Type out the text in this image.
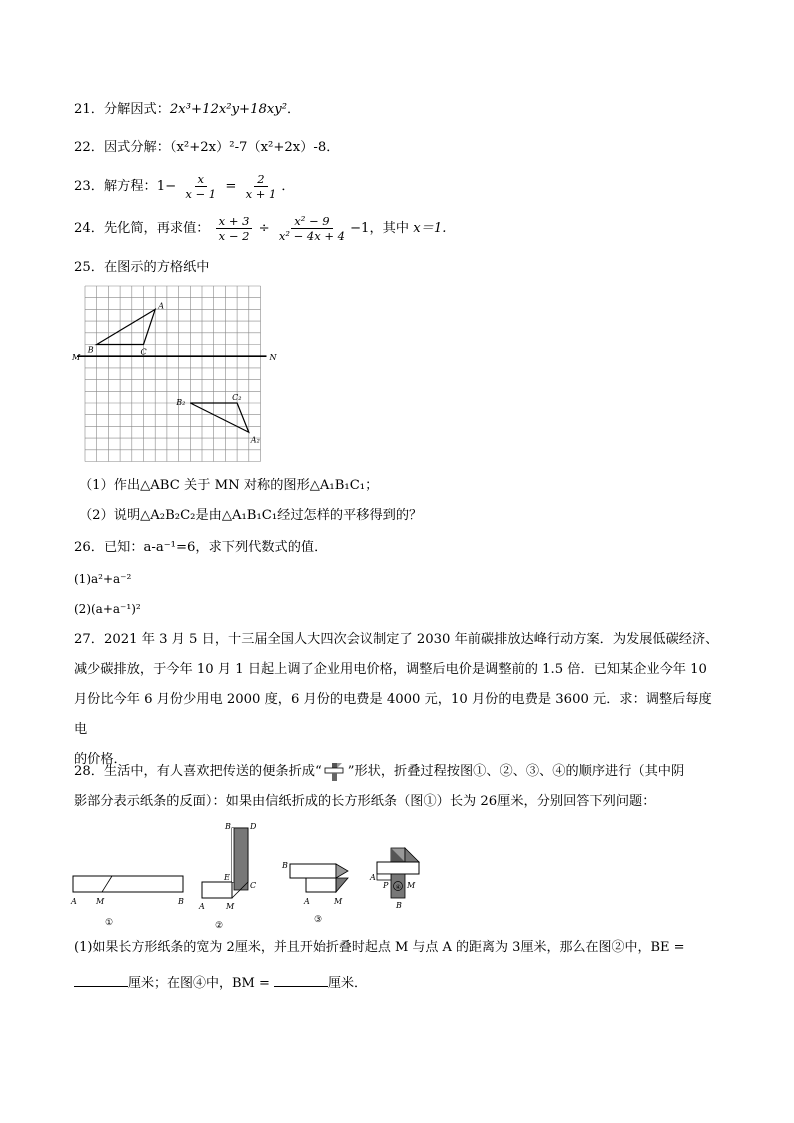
21．分解因式：2x³+12x²y+18xy²．
22．因式分解：（x²+2x）²-7（x²+2x）-8．
23．解方程：$1- \frac{x}{x - 1} = \frac{2}{x + 1}$ ．
24．先化简，再求值： $\frac{x + 3}{x - 2} \div \frac{\text{x² − 9}}{\text{x² − 4x + 4}} -1$，其中 x＝1.
25．在图示的方格纸中
A
B	C
M	N
B₂
C₂
A₂
（1）作出△ABC 关于 MN 对称的图形△A₁B₁C₁；
（2）说明△A₂B₂C₂是由△A₁B₁C₁经过怎样的平移得到的？
26．已知：a-a⁻¹=6，求下列代数式的值．
(1)a²+a⁻²
(2)(a+a⁻¹)²
27．2021 年 3 月 5 日，十三届全国人大四次会议制定了 2030 年前碳排放达峰行动方案．为发展低碳经济、
减少碳排放，于今年 10 月 1 日起上调了企业用电价格，调整后电价是调整前的 1.5 倍．已知某企业今年 10
月份比今年 6 月份少用电 2000 度，6 月份的电费是 4000 元，10 月份的电费是 3600 元．求：调整后每度电
的价格．
28．生活中，有人喜欢把传送的便条折成“ ”形状，折叠过程按图①、②、③、④的顺序进行（其中阴
影部分表示纸条的反面）：如果由信纸折成的长方形纸条（图①）长为 26厘米，分别回答下列问题：
A M	B
①
B D
E
C
A	M
②
B
A	M
③
④
A
P M
B
(1)如果长方形纸条的宽为 2厘米，并且开始折叠时起点 M 与点 A 的距离为 3厘米，那么在图②中，BE =
厘米；在图④中，BM =	厘米．
